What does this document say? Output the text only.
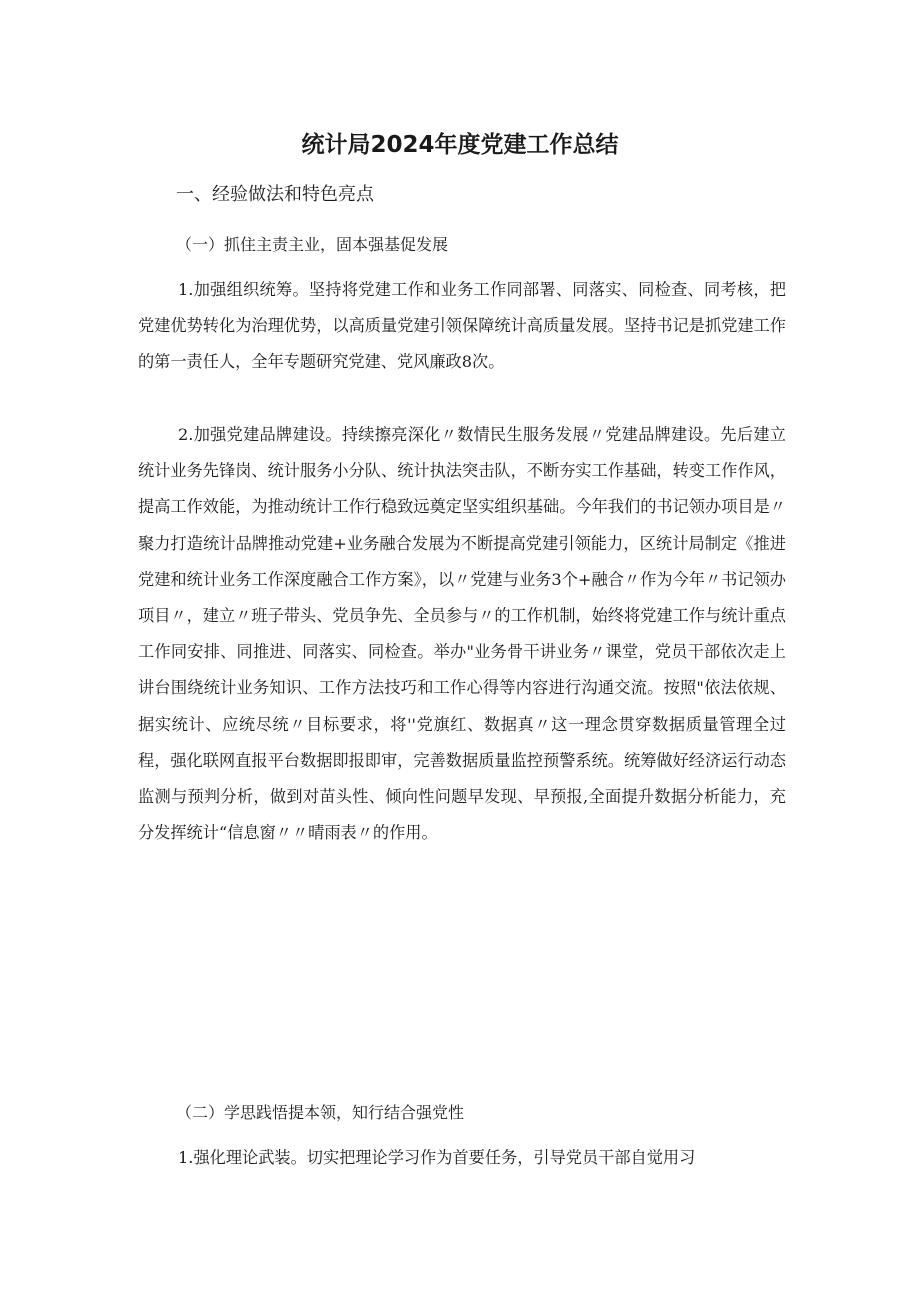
统计局2024年度党建工作总结
一、经验做法和特色亮点
（一）抓住主责主业，固本强基促发展

1.加强组织统筹。坚持将党建工作和业务工作同部署、同落实、同检查、同考核，把党建优势转化为治理优势，以高质量党建引领保障统计高质量发展。坚持书记是抓党建工作的第一责任人，全年专题研究党建、党风廉政8次。

2.加强党建品牌建设。持续擦亮深化〃数情民生服务发展〃党建品牌建设。先后建立统计业务先锋岗、统计服务小分队、统计执法突击队，不断夯实工作基础，转变工作作风，提高工作效能，为推动统计工作行稳致远奠定坚实组织基础。今年我们的书记领办项目是〃聚力打造统计品牌推动党建+业务融合发展为不断提高党建引领能力，区统计局制定《推进党建和统计业务工作深度融合工作方案》，以〃党建与业务3个+融合〃作为今年〃书记领办项目〃，建立〃班子带头、党员争先、全员参与〃的工作机制，始终将党建工作与统计重点工作同安排、同推进、同落实、同检查。举办"业务骨干讲业务〃课堂，党员干部依次走上讲台围绕统计业务知识、工作方法技巧和工作心得等内容进行沟通交流。按照"依法依规、据实统计、应统尽统〃目标要求，将''党旗红、数据真〃这一理念贯穿数据质量管理全过程，强化联网直报平台数据即报即审，完善数据质量监控预警系统。统筹做好经济运行动态监测与预判分析，做到对苗头性、倾向性问题早发现、早预报,全面提升数据分析能力，充分发挥统计“信息窗〃〃晴雨表〃的作用。

（二）学思践悟提本领，知行结合强党性

1.强化理论武装。切实把理论学习作为首要任务，引导党员干部自觉用习
